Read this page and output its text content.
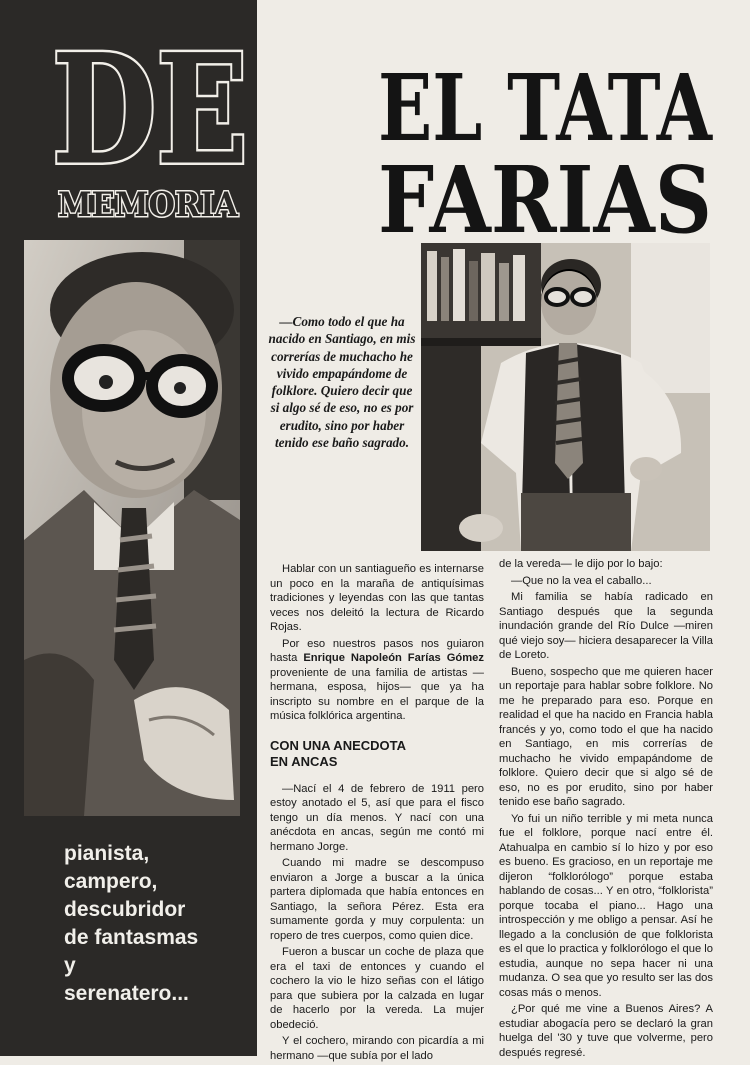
DE
DE
MEMORIA
pianista,
campero,
descubridor
de fantasmas
y
serenatero...
EL TATA
FARIAS

—Como todo el que ha nacido en Santiago, en mis correrías de muchacho he vivido empapándome de folklore. Quiero decir que si algo sé de eso, no es por erudito, sino por haber tenido ese baño sagrado.

Hablar con un santiagueño es internarse un poco en la maraña de antiquísimas tradiciones y leyendas con las que tantas veces nos deleitó la lectura de Ricardo Rojas.

Por eso nuestros pasos nos guiaron hasta Enrique Napoleón Farías Gómez proveniente de una familia de artistas —hermana, esposa, hijos— que ya ha inscripto su nombre en el parque de la música folklórica argentina.

CON UNA ANECDOTA
EN ANCAS

—Nací el 4 de febrero de 1911 pero estoy anotado el 5, así que para el fisco tengo un día menos. Y nací con una anécdota en ancas, según me contó mi hermano Jorge.

Cuando mi madre se descompuso enviaron a Jorge a buscar a la única partera diplomada que había entonces en Santiago, la señora Pérez. Esta era sumamente gorda y muy corpulenta: un ropero de tres cuerpos, como quien dice.

Fueron a buscar un coche de plaza que era el taxi de entonces y cuando el cochero la vio le hizo señas con el látigo para que subiera por la calzada en lugar de hacerlo por la vereda. La mujer obedeció.

Y el cochero, mirando con picardía a mi hermano —que subía por el lado

de la vereda— le dijo por lo bajo:

—Que no la vea el caballo...

Mi familia se había radicado en Santiago después que la segunda inundación grande del Río Dulce —miren qué viejo soy— hiciera desaparecer la Villa de Loreto.

Bueno, sospecho que me quieren hacer un reportaje para hablar sobre folklore. No me he preparado para eso. Porque en realidad el que ha nacido en Francia habla francés y yo, como todo el que ha nacido en Santiago, en mis correrías de muchacho he vivido empapándome de folklore. Quiero decir que si algo sé de eso, no es por erudito, sino por haber tenido ese baño sagrado.

Yo fui un niño terrible y mi meta nunca fue el folklore, porque nací entre él. Atahualpa en cambio sí lo hizo y por eso es bueno. Es gracioso, en un reportaje me dijeron “folklorólogo” porque estaba hablando de cosas... Y en otro, “folklorista” porque tocaba el piano... Hago una introspección y me obligo a pensar. Así he llegado a la conclusión de que folklorista es el que lo practica y folklorólogo el que lo estudia, aunque no sepa hacer ni una mudanza. O sea que yo resulto ser las dos cosas más o menos.

¿Por qué me vine a Buenos Aires? A estudiar abogacía pero se declaró la gran huelga del '30 y tuve que volverme, pero después regresé.
